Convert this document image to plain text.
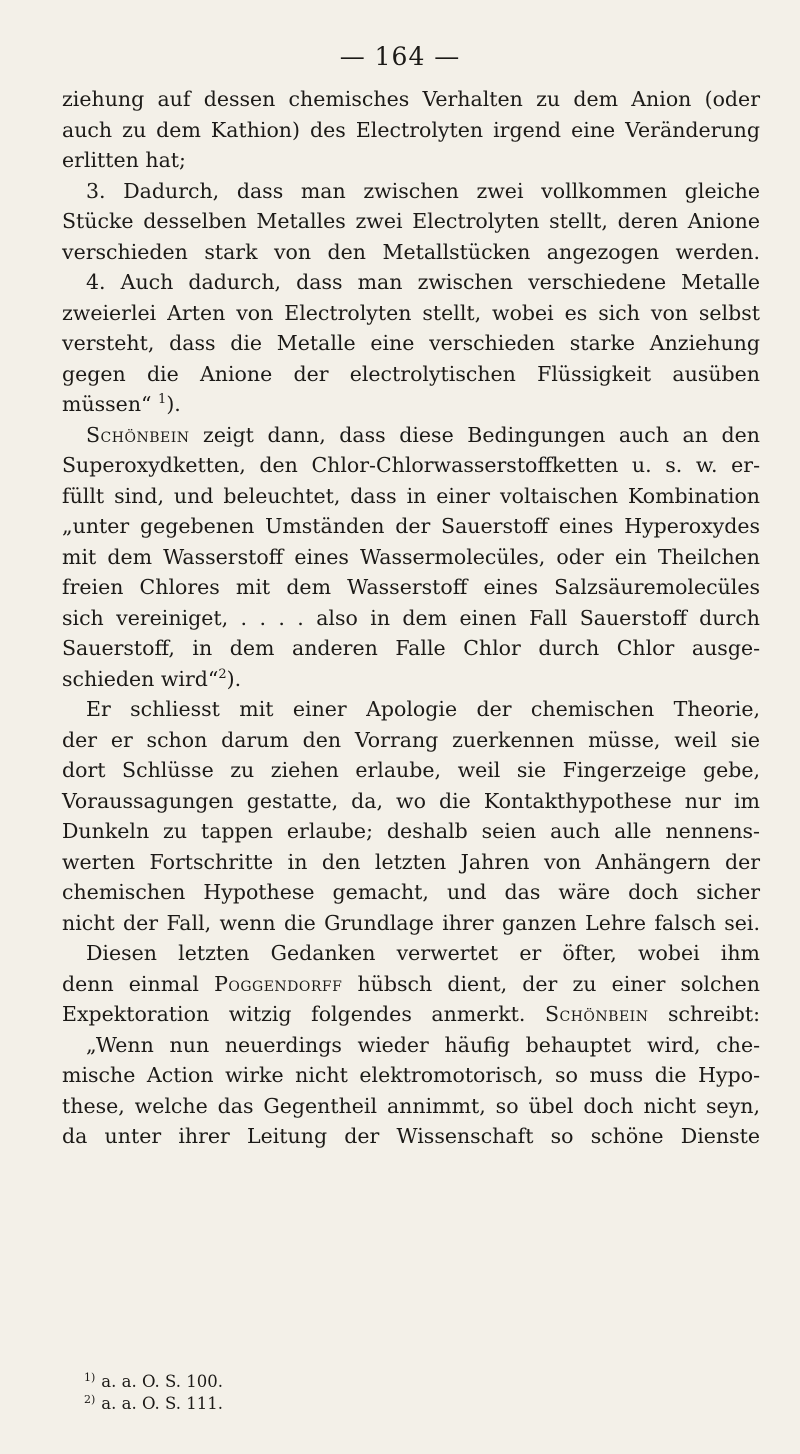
— 164 —
ziehung auf dessen chemisches Verhalten zu dem Anion (oder
auch zu dem Kathion) des Electrolyten irgend eine Veränderung
erlitten hat;
3. Dadurch, dass man zwischen zwei vollkommen gleiche
Stücke desselben Metalles zwei Electrolyten stellt, deren Anione
verschieden stark von den Metallstücken angezogen werden.
4. Auch dadurch, dass man zwischen verschiedene Metalle
zweierlei Arten von Electrolyten stellt, wobei es sich von selbst
versteht, dass die Metalle eine verschieden starke Anziehung
gegen die Anione der electrolytischen Flüssigkeit ausüben
müssen“ $^1$).
Schönbein zeigt dann, dass diese Bedingungen auch an den
Superoxydketten, den Chlor-Chlorwasserstoffketten u. s. w. er-
füllt sind, und beleuchtet, dass in einer voltaischen Kombination
„unter gegebenen Umständen der Sauerstoff eines Hyperoxydes
mit dem Wasserstoff eines Wassermolecüles, oder ein Theilchen
freien Chlores mit dem Wasserstoff eines Salzsäuremolecüles
sich vereiniget, . . . . also in dem einen Fall Sauerstoff durch
Sauerstoff, in dem anderen Falle Chlor durch Chlor ausge-
schieden wird“$^2$).
Er schliesst mit einer Apologie der chemischen Theorie,
der er schon darum den Vorrang zuerkennen müsse, weil sie
dort Schlüsse zu ziehen erlaube, weil sie Fingerzeige gebe,
Voraussagungen gestatte, da, wo die Kontakthypothese nur im
Dunkeln zu tappen erlaube; deshalb seien auch alle nennens-
werten Fortschritte in den letzten Jahren von Anhängern der
chemischen Hypothese gemacht, und das wäre doch sicher
nicht der Fall, wenn die Grundlage ihrer ganzen Lehre falsch sei.
Diesen letzten Gedanken verwertet er öfter, wobei ihm
denn einmal Poggendorff hübsch dient, der zu einer solchen
Expektoration witzig folgendes anmerkt. Schönbein schreibt:
„Wenn nun neuerdings wieder häufig behauptet wird, che-
mische Action wirke nicht elektromotorisch, so muss die Hypo-
these, welche das Gegentheil annimmt, so übel doch nicht seyn,
da unter ihrer Leitung der Wissenschaft so schöne Dienste
$^{1)}$ a. a. O. S. 100.
$^{2)}$ a. a. O. S. 111.
